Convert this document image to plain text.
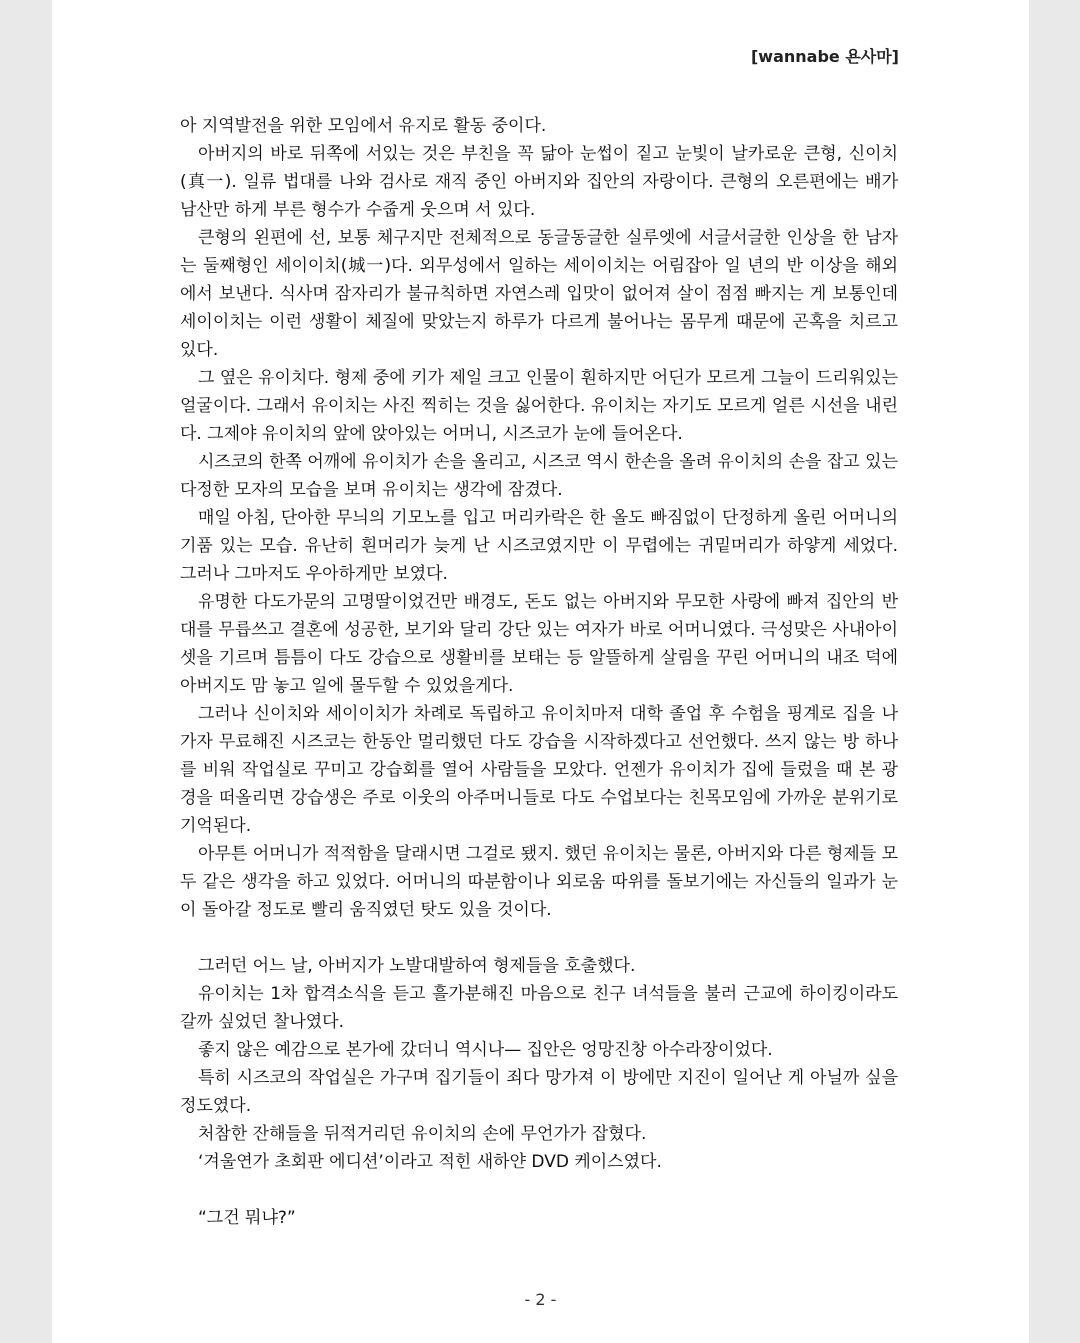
[wannabe 욘사마]

아 지역발전을 위한 모임에서 유지로 활동 중이다.

아버지의 바로 뒤쪽에 서있는 것은 부친을 꼭 닮아 눈썹이 짙고 눈빛이 날카로운 큰형, 신이치(真一). 일류 법대를 나와 검사로 재직 중인 아버지와 집안의 자랑이다. 큰형의 오른편에는 배가 남산만 하게 부른 형수가 수줍게 웃으며 서 있다.

큰형의 왼편에 선, 보통 체구지만 전체적으로 동글동글한 실루엣에 서글서글한 인상을 한 남자는 둘째형인 세이이치(城一)다. 외무성에서 일하는 세이이치는 어림잡아 일 년의 반 이상을 해외에서 보낸다. 식사며 잠자리가 불규칙하면 자연스레 입맛이 없어져 살이 점점 빠지는 게 보통인데 세이이치는 이런 생활이 체질에 맞았는지 하루가 다르게 불어나는 몸무게 때문에 곤혹을 치르고 있다.

그 옆은 유이치다. 형제 중에 키가 제일 크고 인물이 훤하지만 어딘가 모르게 그늘이 드리워있는 얼굴이다. 그래서 유이치는 사진 찍히는 것을 싫어한다. 유이치는 자기도 모르게 얼른 시선을 내린다. 그제야 유이치의 앞에 앉아있는 어머니, 시즈코가 눈에 들어온다.

시즈코의 한쪽 어깨에 유이치가 손을 올리고, 시즈코 역시 한손을 올려 유이치의 손을 잡고 있는 다정한 모자의 모습을 보며 유이치는 생각에 잠겼다.

매일 아침, 단아한 무늬의 기모노를 입고 머리카락은 한 올도 빠짐없이 단정하게 올린 어머니의 기품 있는 모습. 유난히 흰머리가 늦게 난 시즈코였지만 이 무렵에는 귀밑머리가 하얗게 세었다. 그러나 그마저도 우아하게만 보였다.

유명한 다도가문의 고명딸이었건만 배경도, 돈도 없는 아버지와 무모한 사랑에 빠져 집안의 반대를 무릅쓰고 결혼에 성공한, 보기와 달리 강단 있는 여자가 바로 어머니였다. 극성맞은 사내아이 셋을 기르며 틈틈이 다도 강습으로 생활비를 보태는 등 알뜰하게 살림을 꾸린 어머니의 내조 덕에 아버지도 맘 놓고 일에 몰두할 수 있었을게다.

그러나 신이치와 세이이치가 차례로 독립하고 유이치마저 대학 졸업 후 수험을 핑계로 집을 나가자 무료해진 시즈코는 한동안 멀리했던 다도 강습을 시작하겠다고 선언했다. 쓰지 않는 방 하나를 비워 작업실로 꾸미고 강습회를 열어 사람들을 모았다. 언젠가 유이치가 집에 들렀을 때 본 광경을 떠올리면 강습생은 주로 이웃의 아주머니들로 다도 수업보다는 친목모임에 가까운 분위기로 기억된다.

아무튼 어머니가 적적함을 달래시면 그걸로 됐지. 했던 유이치는 물론, 아버지와 다른 형제들 모두 같은 생각을 하고 있었다. 어머니의 따분함이나 외로움 따위를 돌보기에는 자신들의 일과가 눈이 돌아갈 정도로 빨리 움직였던 탓도 있을 것이다.

그러던 어느 날, 아버지가 노발대발하여 형제들을 호출했다.

유이치는 1차 합격소식을 듣고 흘가분해진 마음으로 친구 녀석들을 불러 근교에 하이킹이라도 갈까 싶었던 찰나였다.

좋지 않은 예감으로 본가에 갔더니 역시나— 집안은 엉망진창 아수라장이었다.

특히 시즈코의 작업실은 가구며 집기들이 죄다 망가져 이 방에만 지진이 일어난 게 아닐까 싶을 정도였다.

처참한 잔해들을 뒤적거리던 유이치의 손에 무언가가 잡혔다.

‘겨울연가 초회판 에디션’이라고 적힌 새하얀 DVD 케이스였다.

“그건 뭐냐?”

- 2 -
